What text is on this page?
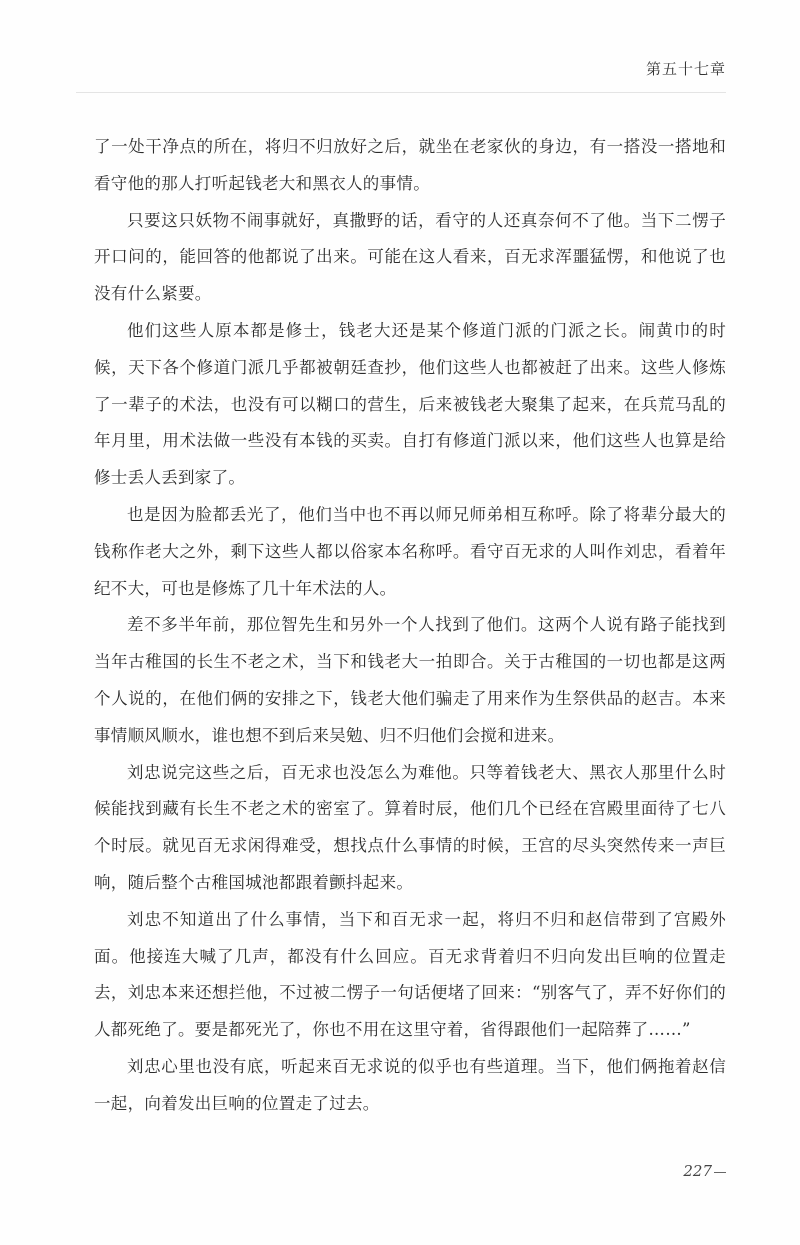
第五十七章

了一处干净点的所在，将归不归放好之后，就坐在老家伙的身边，有一搭没一搭地和看守他的那人打听起钱老大和黑衣人的事情。

只要这只妖物不闹事就好，真撒野的话，看守的人还真奈何不了他。当下二愣子开口问的，能回答的他都说了出来。可能在这人看来，百无求浑噩猛愣，和他说了也没有什么紧要。

他们这些人原本都是修士，钱老大还是某个修道门派的门派之长。闹黄巾的时候，天下各个修道门派几乎都被朝廷查抄，他们这些人也都被赶了出来。这些人修炼了一辈子的术法，也没有可以糊口的营生，后来被钱老大聚集了起来，在兵荒马乱的年月里，用术法做一些没有本钱的买卖。自打有修道门派以来，他们这些人也算是给修士丢人丢到家了。

也是因为脸都丢光了，他们当中也不再以师兄师弟相互称呼。除了将辈分最大的钱称作老大之外，剩下这些人都以俗家本名称呼。看守百无求的人叫作刘忠，看着年纪不大，可也是修炼了几十年术法的人。

差不多半年前，那位智先生和另外一个人找到了他们。这两个人说有路子能找到当年古稚国的长生不老之术，当下和钱老大一拍即合。关于古稚国的一切也都是这两个人说的，在他们俩的安排之下，钱老大他们骗走了用来作为生祭供品的赵吉。本来事情顺风顺水，谁也想不到后来吴勉、归不归他们会搅和进来。

刘忠说完这些之后，百无求也没怎么为难他。只等着钱老大、黑衣人那里什么时候能找到藏有长生不老之术的密室了。算着时辰，他们几个已经在宫殿里面待了七八个时辰。就见百无求闲得难受，想找点什么事情的时候，王宫的尽头突然传来一声巨响，随后整个古稚国城池都跟着颤抖起来。

刘忠不知道出了什么事情，当下和百无求一起，将归不归和赵信带到了宫殿外面。他接连大喊了几声，都没有什么回应。百无求背着归不归向发出巨响的位置走去，刘忠本来还想拦他，不过被二愣子一句话便堵了回来：“别客气了，弄不好你们的人都死绝了。要是都死光了，你也不用在这里守着，省得跟他们一起陪葬了……”

刘忠心里也没有底，听起来百无求说的似乎也有些道理。当下，他们俩拖着赵信一起，向着发出巨响的位置走了过去。

227
